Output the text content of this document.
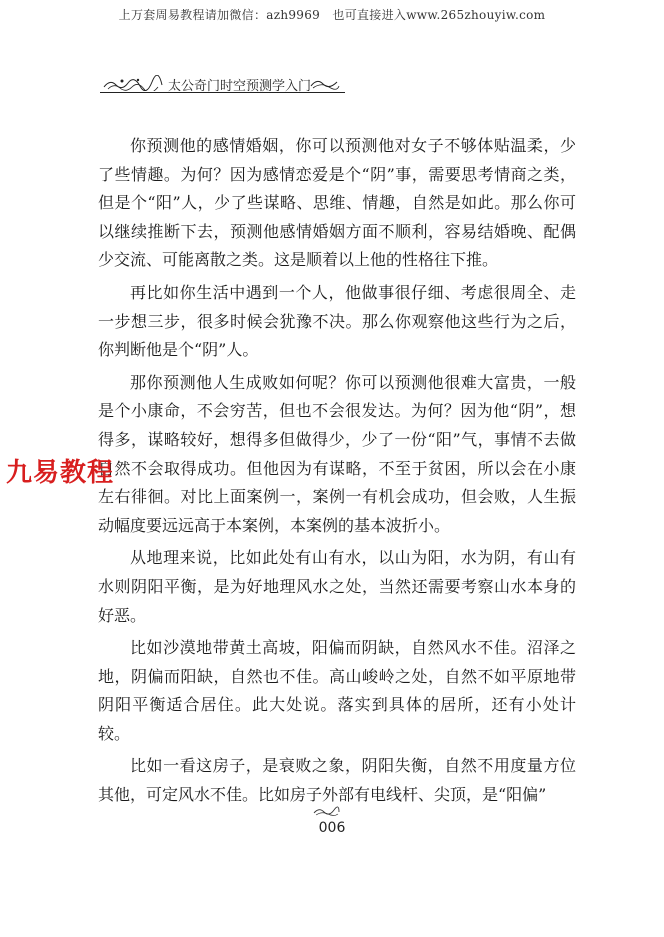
上万套周易教程请加微信：azh9969　也可直接进入www.265zhouyiw.com
太公奇门时空预测学入门

你预测他的感情婚姻，你可以预测他对女子不够体贴温柔，少了些情趣。为何？因为感情恋爱是个“阴”事，需要思考情商之类，但是个“阳”人，少了些谋略、思维、情趣，自然是如此。那么你可以继续推断下去，预测他感情婚姻方面不顺利，容易结婚晚、配偶少交流、可能离散之类。这是顺着以上他的性格往下推。

再比如你生活中遇到一个人，他做事很仔细、考虑很周全、走一步想三步，很多时候会犹豫不决。那么你观察他这些行为之后，你判断他是个“阴”人。

那你预测他人生成败如何呢？你可以预测他很难大富贵，一般是个小康命，不会穷苦，但也不会很发达。为何？因为他“阴”，想得多，谋略较好，想得多但做得少，少了一份“阳”气，事情不去做自然不会取得成功。但他因为有谋略，不至于贫困，所以会在小康左右徘徊。对比上面案例一，案例一有机会成功，但会败，人生振动幅度要远远高于本案例，本案例的基本波折小。

从地理来说，比如此处有山有水，以山为阳，水为阴，有山有水则阴阳平衡，是为好地理风水之处，当然还需要考察山水本身的好恶。

比如沙漠地带黄土高坡，阳偏而阴缺，自然风水不佳。沼泽之地，阴偏而阳缺，自然也不佳。高山峻岭之处，自然不如平原地带阴阳平衡适合居住。此大处说。落实到具体的居所，还有小处计较。

比如一看这房子，是衰败之象，阴阳失衡，自然不用度量方位其他，可定风水不佳。比如房子外部有电线杆、尖顶，是“阳偏”

九易教程
006
